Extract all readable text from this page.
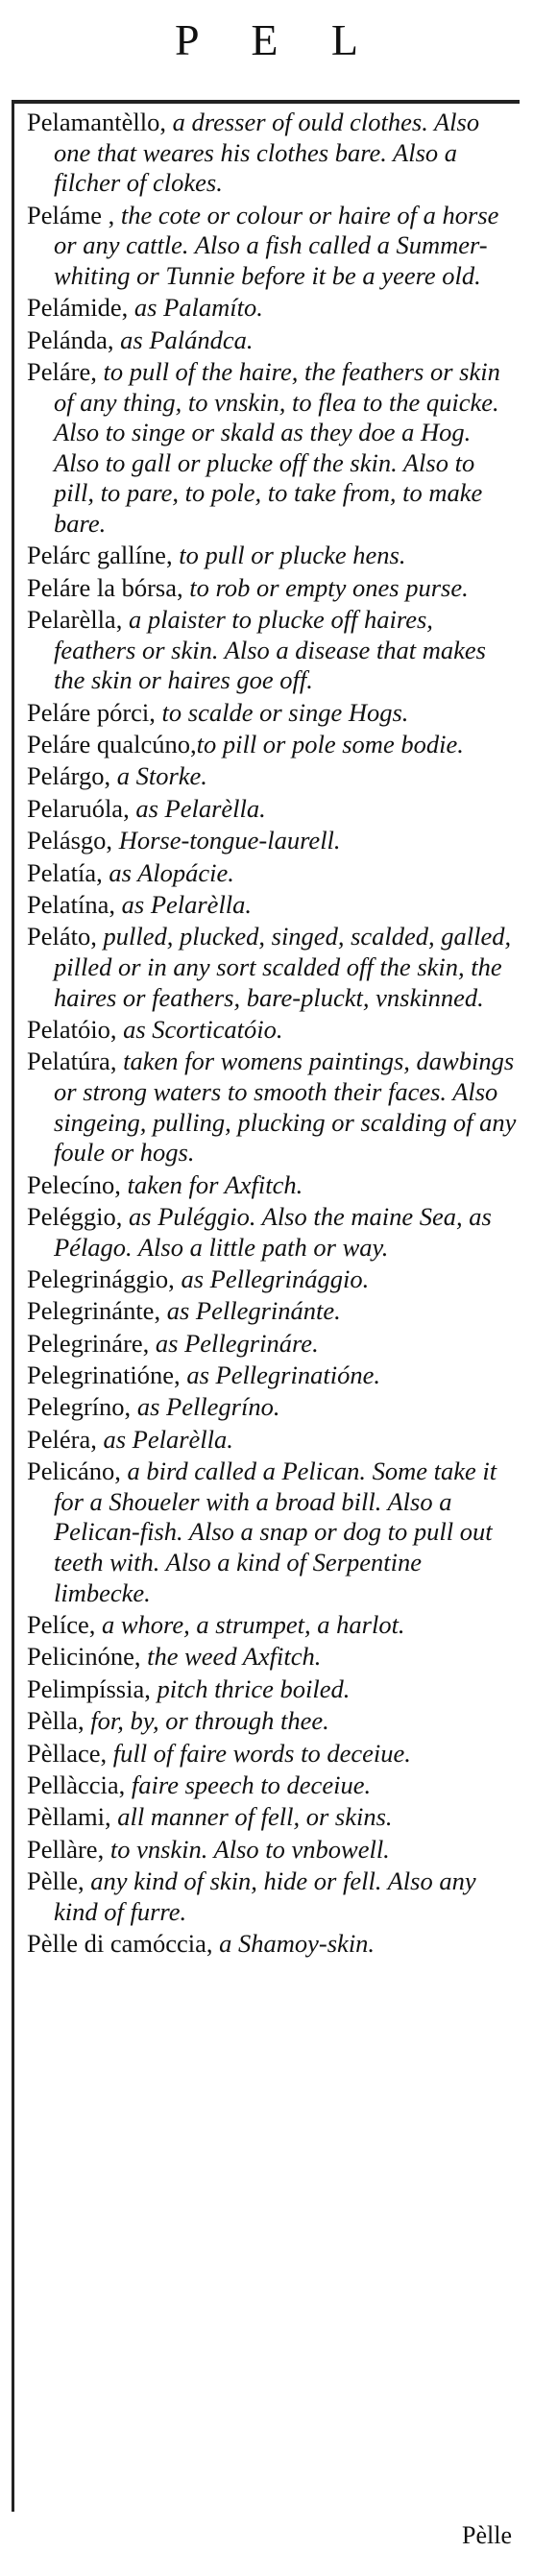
P E L

Pelamantèllo, a dresser of ould clothes. Also one that weares his clothes bare. Also a filcher of clokes.

Peláme , the cote or colour or haire of a horse or any cattle. Also a fish called a Summer-whiting or Tunnie before it be a yeere old.

Pelámide, as Palamíto.

Pelánda, as Palándca.

Peláre, to pull of the haire, the feathers or skin of any thing, to vnskin, to flea to the quicke. Also to singe or skald as they doe a Hog. Also to gall or plucke off the skin. Also to pill, to pare, to pole, to take from, to make bare.

Pelárc gallíne, to pull or plucke hens.

Peláre la bórsa, to rob or empty ones purse.

Pelarèlla, a plaister to plucke off haires, feathers or skin. Also a disease that makes the skin or haires goe off.

Peláre pórci, to scalde or singe Hogs.

Peláre qualcúno,to pill or pole some bodie.

Pelárgo, a Storke.

Pelaruóla, as Pelarèlla.

Pelásgo, Horse-tongue-laurell.

Pelatía, as Alopácie.

Pelatína, as Pelarèlla.

Peláto, pulled, plucked, singed, scalded, galled, pilled or in any sort scalded off the skin, the haires or feathers, bare-pluckt, vnskinned.

Pelatóio, as Scorticatóio.

Pelatúra, taken for womens paintings, dawbings or strong waters to smooth their faces. Also singeing, pulling, plucking or scalding of any foule or hogs.

Pelecíno, taken for Axfitch.

Peléggio, as Puléggio. Also the maine Sea, as Pélago. Also a little path or way.

Pelegrinággio, as Pellegrinággio.

Pelegrinánte, as Pellegrinánte.

Pelegrináre, as Pellegrináre.

Pelegrinatióne, as Pellegrinatióne.

Pelegríno, as Pellegríno.

Peléra, as Pelarèlla.

Pelicáno, a bird called a Pelican. Some take it for a Shoueler with a broad bill. Also a Pelican-fish. Also a snap or dog to pull out teeth with. Also a kind of Serpentine limbecke.

Pelíce, a whore, a strumpet, a harlot.

Pelicinóne, the weed Axfitch.

Pelimpíssia, pitch thrice boiled.

Pèlla, for, by, or through thee.

Pèllace, full of faire words to deceiue.

Pellàccia, faire speech to deceiue.

Pèllami, all manner of fell, or skins.

Pellàre, to vnskin. Also to vnbowell.

Pèlle, any kind of skin, hide or fell. Also any kind of furre.

Pèlle di camóccia, a Shamoy-skin.

Pèlle
